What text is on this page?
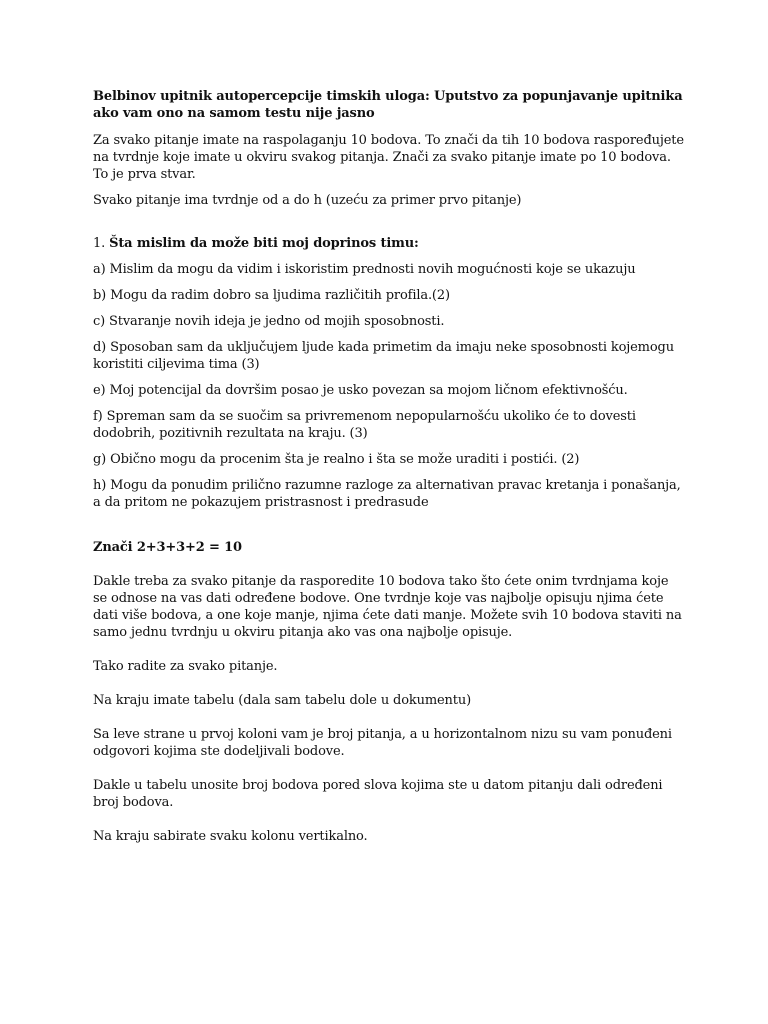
Belbinov upitnik autopercepcije timskih uloga: Uputstvo za popunjavanje upitnika ako vam ono na samom testu nije jasno

Za svako pitanje imate na raspolaganju 10 bodova. To znači da tih 10 bodova raspoređujete na tvrdnje koje imate u okviru svakog pitanja. Znači za svako pitanje imate po 10 bodova. To je prva stvar.

Svako pitanje ima tvrdnje od a do h (uzeću za primer prvo pitanje)

1. Šta mislim da može biti moj doprinos timu:

a) Mislim da mogu da vidim i iskoristim prednosti novih mogućnosti koje se ukazuju

b) Mogu da radim dobro sa ljudima različitih profila.(2)

c) Stvaranje novih ideja je jedno od mojih sposobnosti.

d) Sposoban sam da uključujem ljude kada primetim da imaju neke sposobnosti kojemogu koristiti ciljevima tima (3)

e) Moj potencijal da dovršim posao je usko povezan sa mojom ličnom efektivnošću.

f) Spreman sam da se suočim sa privremenom nepopularnošću ukoliko će to dovesti dodobrih, pozitivnih rezultata na kraju. (3)

g) Obično mogu da procenim šta je realno i šta se može uraditi i postići. (2)

h) Mogu da ponudim prilično razumne razloge za alternativan pravac kretanja i ponašanja, a da pritom ne pokazujem pristrasnost i predrasude

Znači 2+3+3+2 = 10

Dakle treba za svako pitanje da rasporedite 10 bodova tako što ćete onim tvrdnjama koje se odnose na vas dati određene bodove. One tvrdnje koje vas najbolje opisuju njima ćete dati više bodova, a one koje manje, njima ćete dati manje. Možete svih 10 bodova staviti na samo jednu tvrdnju u okviru pitanja ako vas ona najbolje opisuje.

Tako radite za svako pitanje.

Na kraju imate tabelu (dala sam tabelu dole u dokumentu)

Sa leve strane u prvoj koloni vam je broj pitanja, a u horizontalnom nizu su vam ponuđeni odgovori kojima ste dodeljivali bodove.

Dakle u tabelu unosite broj bodova pored slova kojima ste u datom pitanju dali određeni broj bodova.

Na kraju sabirate svaku kolonu vertikalno.
